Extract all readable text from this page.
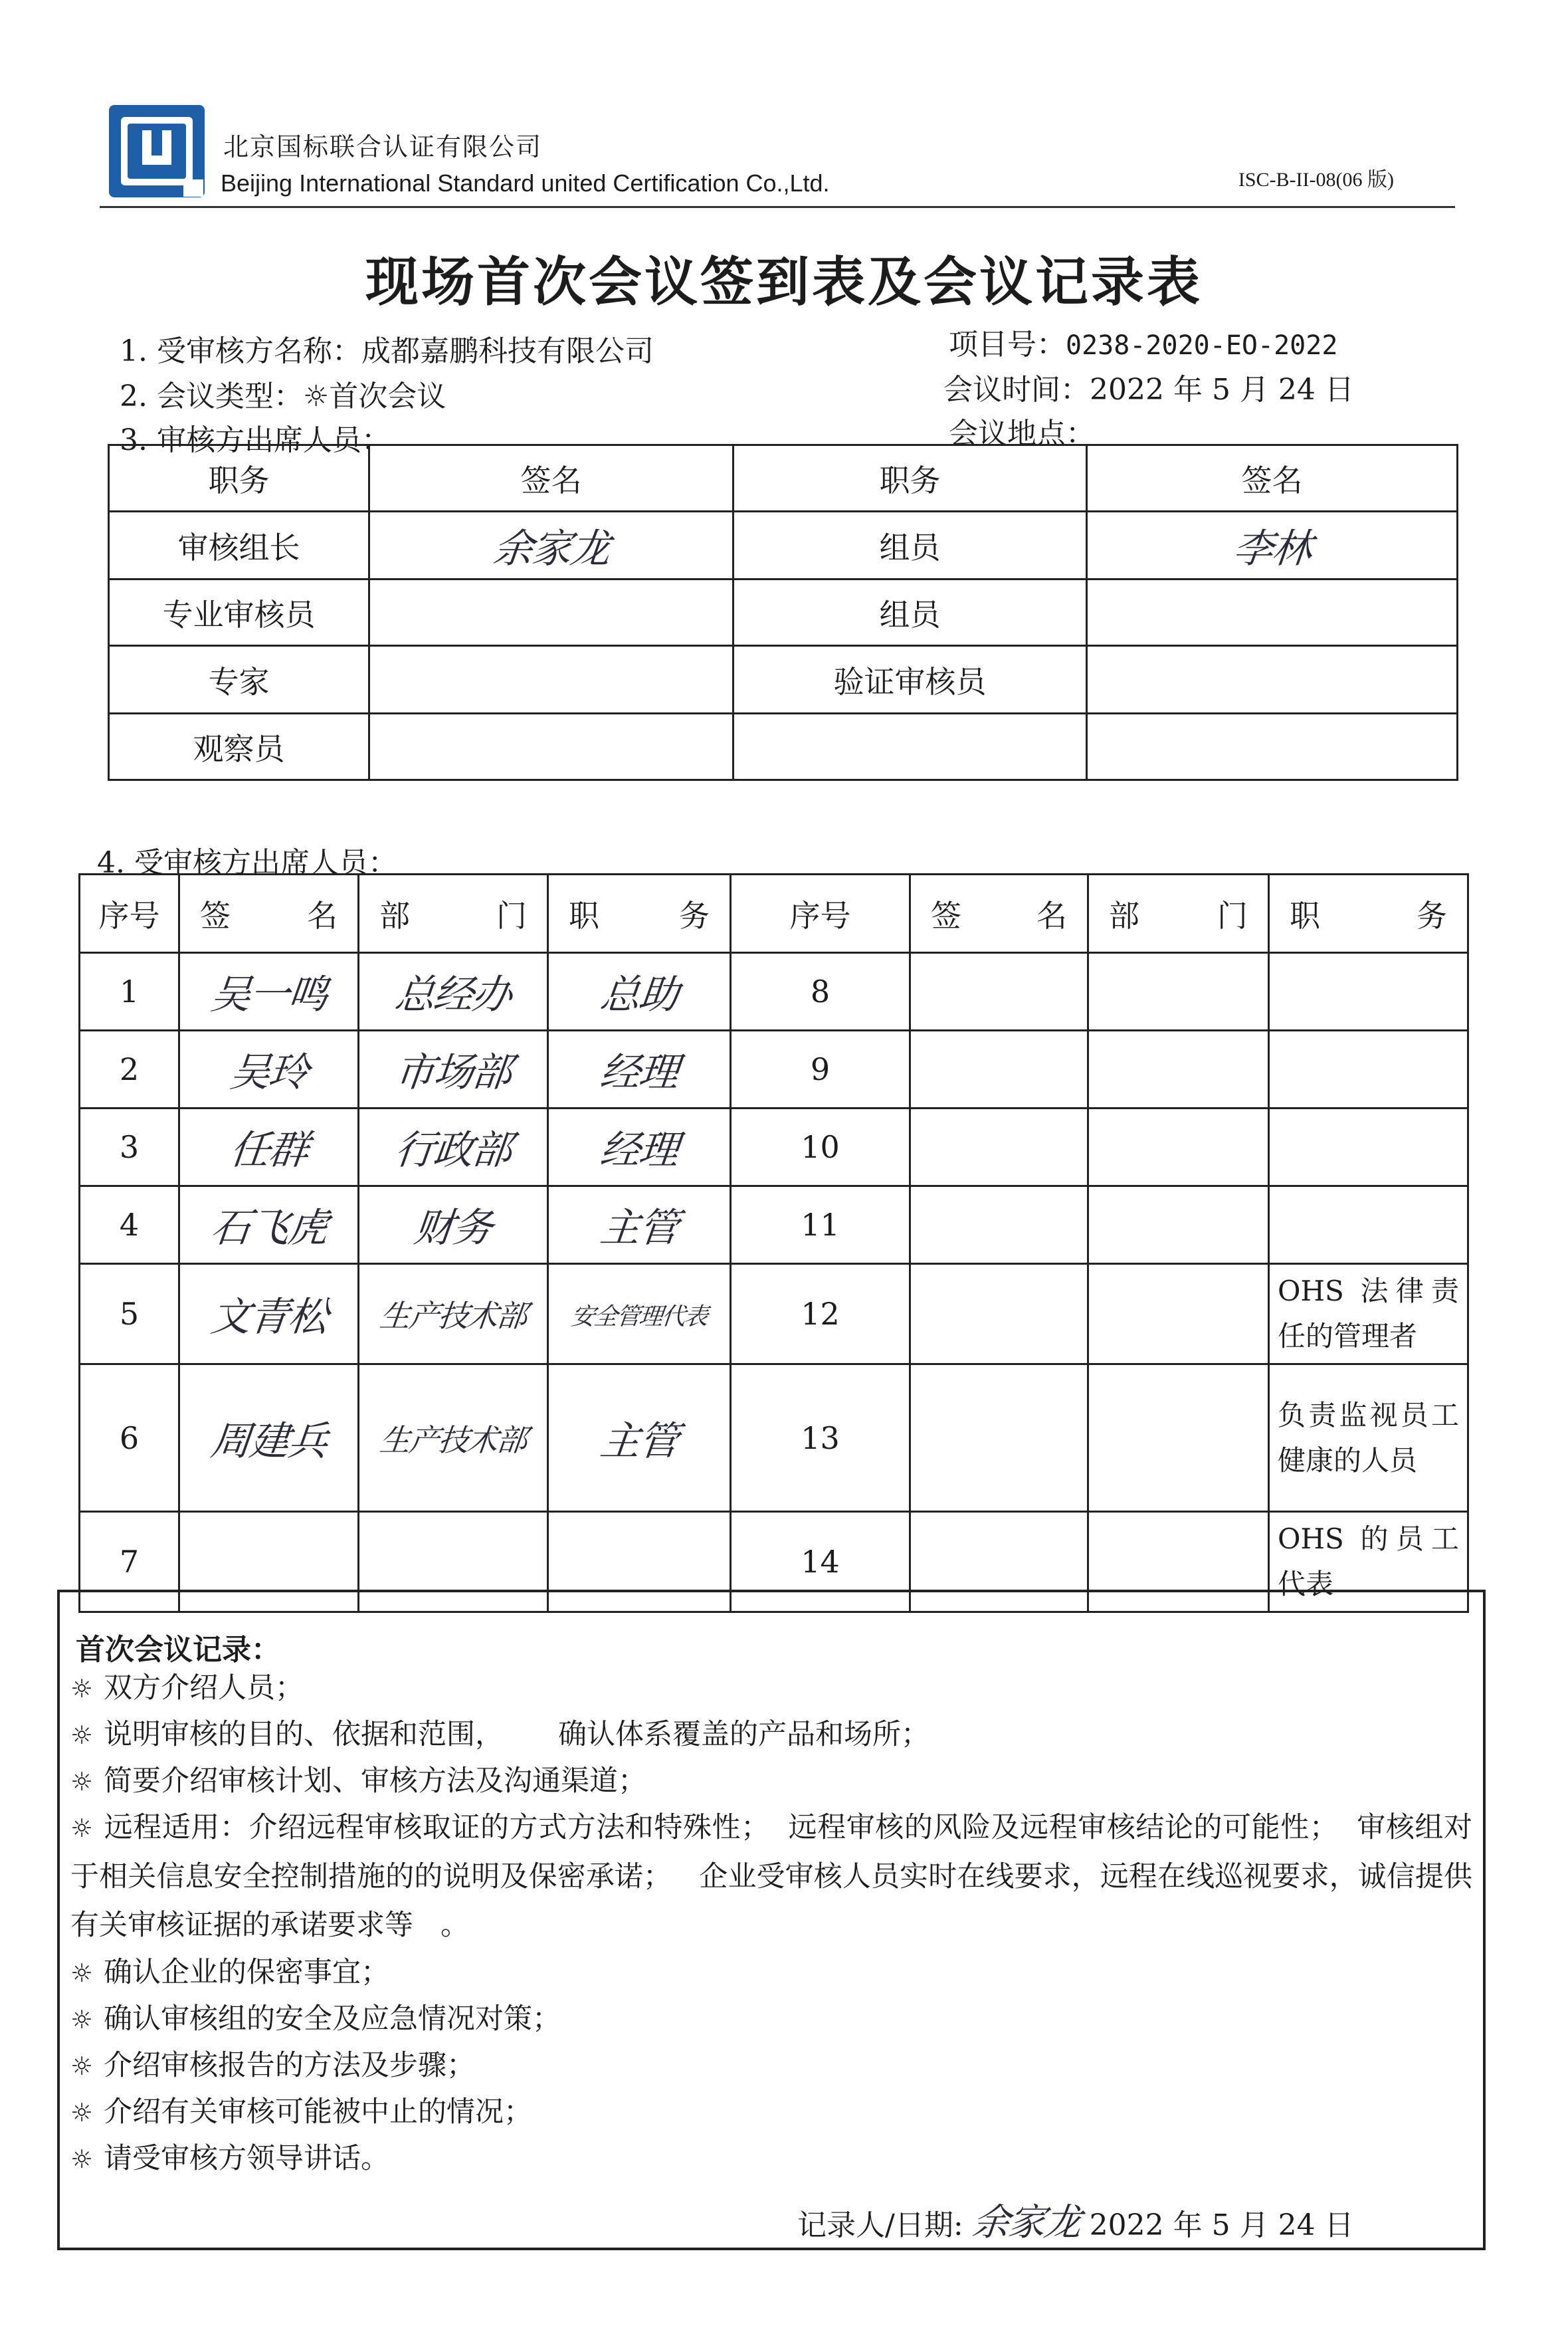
北京国标联合认证有限公司
Beijing International Standard united Certification Co.,Ltd.	ISC-B-II-08(06 版)
现场首次会议签到表及会议记录表
1. 受审核方名称：成都嘉鹏科技有限公司	项目号：0238-2020-EO-2022
2. 会议类型：☼首次会议	会议时间：2022 年 5 月 24 日
3. 审核方出席人员：	会议地点：
职务	签名	职务	签名
审核组长	余家龙	组员	李林
专业审核员		组员	
专家		验证审核员	
观察员			
4. 受审核方出席人员：
序号	签 名	部 门	职 务	序号	签 名	部 门	职 务

1	吴一鸣	总经办	总助	8			
2	吴玲	市场部	经理	9			
3	任群	行政部	经理	10			
4	石飞虎	财务	主管	11			
5	文青松	生产技术部	安全管理代表	12			OHS 法律责任的管理者
6	周建兵	生产技术部	主管	13			负责监视员工健康的人员
7				14			OHS 的员工代表
首次会议记录：
☼ 双方介绍人员；
☼ 说明审核的目的、依据和范围，      确认体系覆盖的产品和场所；
☼ 简要介绍审核计划、审核方法及沟通渠道；
☼ 远程适用：介绍远程审核取证的方式方法和特殊性；  远程审核的风险及远程审核结论的可能性；  审核组对于相关信息安全控制措施的的说明及保密承诺；   企业受审核人员实时在线要求，远程在线巡视要求，诚信提供有关审核证据的承诺要求等   。
☼ 确认企业的保密事宜；
☼ 确认审核组的安全及应急情况对策；
☼ 介绍审核报告的方法及步骤；
☼ 介绍有关审核可能被中止的情况；
☼ 请受审核方领导讲话。
记录人/日期: 余家龙 2022 年 5 月 24 日
